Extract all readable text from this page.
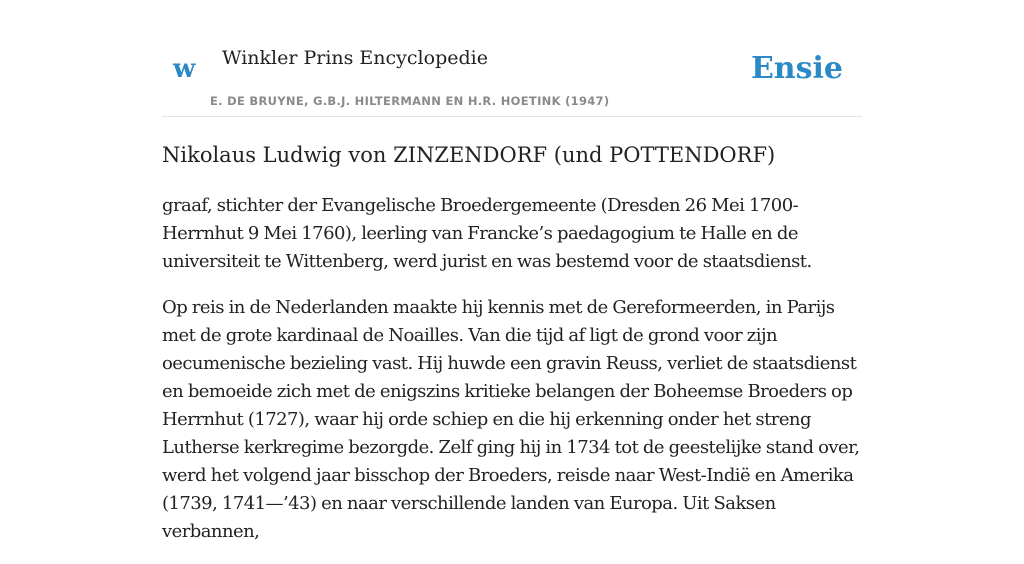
w Winkler Prins Encyclopedie
E. DE BRUYNE, G.B.J. HILTERMANN EN H.R. HOETINK (1947)
Ensie
Nikolaus Ludwig von ZINZENDORF (und POTTENDORF)

graaf, stichter der Evangelische Broedergemeente (Dresden 26 Mei 1700-Herrnhut 9 Mei 1760), leerling van Francke’s paedagogium te Halle en de universiteit te Wittenberg, werd jurist en was bestemd voor de staatsdienst.

Op reis in de Nederlanden maakte hij kennis met de Gereformeerden, in Parijs met de grote kardinaal de Noailles. Van die tijd af ligt de grond voor zijn oecumenische bezieling vast. Hij huwde een gravin Reuss, verliet de staatsdienst en bemoeide zich met de enigszins kritieke belangen der Boheemse Broeders op Herrnhut (1727), waar hij orde schiep en die hij erkenning onder het streng Lutherse kerkregime bezorgde. Zelf ging hij in 1734 tot de geestelijke stand over, werd het volgend jaar bisschop der Broeders, reisde naar West-Indië en Amerika (1739, 1741—’43) en naar verschillende landen van Europa. Uit Saksen verbannen,
